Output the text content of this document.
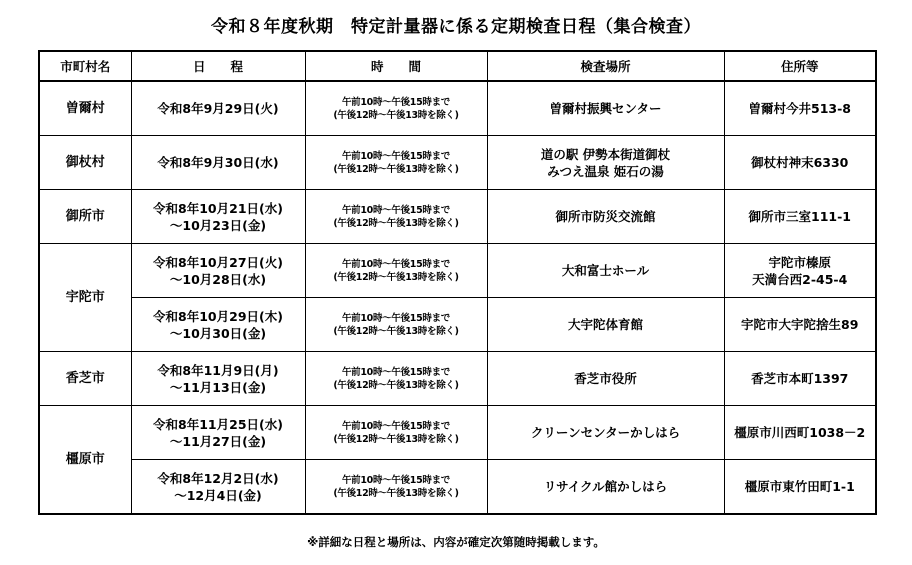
令和８年度秋期　特定計量器に係る定期検査日程（集合検査）
市町村名	日　　程	時　　間	検査場所	住所等
曽爾村	令和8年9月29日(火)	午前10時～午後15時まで
(午後12時～午後13時を除く)	曽爾村振興センター	曽爾村今井513-8

御杖村	令和8年9月30日(水)	午前10時～午後15時まで
(午後12時～午後13時を除く)	道の駅 伊勢本街道御杖
みつえ温泉 姫石の湯	御杖村神末6330

御所市	令和8年10月21日(水)
～10月23日(金)	午前10時～午後15時まで
(午後12時～午後13時を除く)	御所市防災交流館	御所市三室111-1

宇陀市	令和8年10月27日(火)
～10月28日(水)	午前10時～午後15時まで
(午後12時～午後13時を除く)	大和富士ホール	宇陀市榛原
天満台西2-45-4

	令和8年10月29日(木)
～10月30日(金)	午前10時～午後15時まで
(午後12時～午後13時を除く)	大宇陀体育館	宇陀市大宇陀捨生89

香芝市	令和8年11月9日(月)
～11月13日(金)	午前10時～午後15時まで
(午後12時～午後13時を除く)	香芝市役所	香芝市本町1397

橿原市	令和8年11月25日(水)
～11月27日(金)	午前10時～午後15時まで
(午後12時～午後13時を除く)	クリーンセンターかしはら	橿原市川西町1038－2

	令和8年12月2日(水)
～12月4日(金)	午前10時～午後15時まで
(午後12時～午後13時を除く)	リサイクル館かしはら	橿原市東竹田町1-1
※詳細な日程と場所は、内容が確定次第随時掲載します。
